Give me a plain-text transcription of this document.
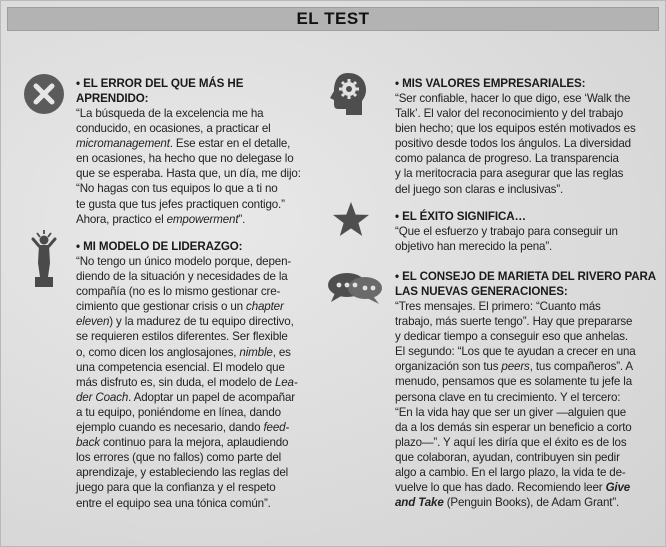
EL TEST

• EL ERROR DEL QUE MÁS HE APRENDIDO:

“La búsqueda de la excelencia me ha
conducido, en ocasiones, a practicar el
micromanagement. Ese estar en el detalle,
en ocasiones, ha hecho que no delegase lo
que se esperaba. Hasta que, un día, me dijo:
“No hagas con tus equipos lo que a ti no
te gusta que tus jefes practiquen contigo.”
Ahora, practico el empowerment”.

• MI MODELO DE LIDERAZGO:

“No tengo un único modelo porque, depen-
diendo de la situación y necesidades de la
compañía (no es lo mismo gestionar cre-
cimiento que gestionar crisis o un chapter
eleven) y la madurez de tu equipo directivo,
se requieren estilos diferentes. Ser flexible
o, como dicen los anglosajones, nimble, es
una competencia esencial. El modelo que
más disfruto es, sin duda, el modelo de Lea-
der Coach. Adoptar un papel de acompañar
a tu equipo, poniéndome en línea, dando
ejemplo cuando es necesario, dando feed-
back continuo para la mejora, aplaudiendo
los errores (que no fallos) como parte del
aprendizaje, y estableciendo las reglas del
juego para que la confianza y el respeto
entre el equipo sea una tónica común”.

• MIS VALORES EMPRESARIALES:

“Ser confiable, hacer lo que digo, ese ‘Walk the
Talk’. El valor del reconocimiento y del trabajo
bien hecho; que los equipos estén motivados es
positivo desde todos los ángulos. La diversidad
como palanca de progreso. La transparencia
y la meritocracia para asegurar que las reglas
del juego son claras e inclusivas”.

• EL ÉXITO SIGNIFICA…

“Que el esfuerzo y trabajo para conseguir un
objetivo han merecido la pena”.

• EL CONSEJO DE MARIETA DEL RIVERO PARA

LAS NUEVAS GENERACIONES:

“Tres mensajes. El primero: “Cuanto más
trabajo, más suerte tengo”. Hay que prepararse
y dedicar tiempo a conseguir eso que anhelas.
El segundo: “Los que te ayudan a crecer en una
organización son tus peers, tus compañeros”. A
menudo, pensamos que es solamente tu jefe la
persona clave en tu crecimiento. Y el tercero:
“En la vida hay que ser un giver —alguien que
da a los demás sin esperar un beneficio a corto
plazo—”. Y aquí les diría que el éxito es de los
que colaboran, ayudan, contribuyen sin pedir
algo a cambio. En el largo plazo, la vida te de-
vuelve lo que has dado. Recomiendo leer Give
and Take (Penguin Books), de Adam Grant”.
